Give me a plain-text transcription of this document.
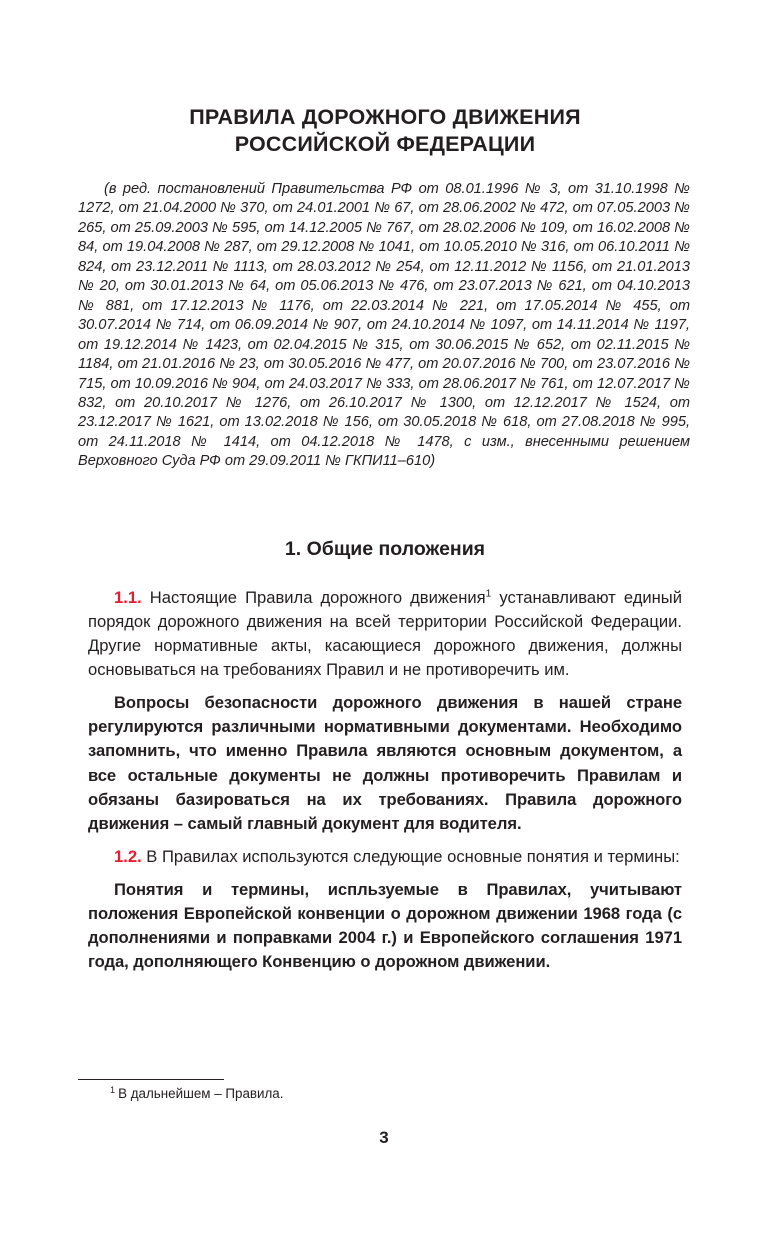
ПРАВИЛА ДОРОЖНОГО ДВИЖЕНИЯ
РОССИЙСКОЙ ФЕДЕРАЦИИ
(в ред. постановлений Правительства РФ от 08.01.1996 № 3, от 31.10.1998 № 1272, от 21.04.2000 № 370, от 24.01.2001 № 67, от 28.06.2002 № 472, от 07.05.2003 № 265, от 25.09.2003 № 595, от 14.12.2005 № 767, от 28.02.2006 № 109, от 16.02.2008 № 84, от 19.04.2008 № 287, от 29.12.2008 № 1041, от 10.05.2010 № 316, от 06.10.2011 № 824, от 23.12.2011 № 1113, от 28.03.2012 № 254, от 12.11.2012 № 1156, от 21.01.2013 № 20, от 30.01.2013 № 64, от 05.06.2013 № 476, от 23.07.2013 № 621, от 04.10.2013 № 881, от 17.12.2013 № 1176, от 22.03.2014 № 221, от 17.05.2014 № 455, от 30.07.2014 № 714, от 06.09.2014 № 907, от 24.10.2014 № 1097, от 14.11.2014 № 1197, от 19.12.2014 № 1423, от 02.04.2015 № 315, от 30.06.2015 № 652, от 02.11.2015 № 1184, от 21.01.2016 № 23, от 30.05.2016 № 477, от 20.07.2016 № 700, от 23.07.2016 № 715, от 10.09.2016 № 904, от 24.03.2017 № 333, от 28.06.2017 № 761, от 12.07.2017 № 832, от 20.10.2017 № 1276, от 26.10.2017 № 1300, от 12.12.2017 № 1524, от 23.12.2017 № 1621, от 13.02.2018 № 156, от 30.05.2018 № 618, от 27.08.2018 № 995, от 24.11.2018 № 1414, от 04.12.2018 № 1478, с изм., внесенными решением Верховного Суда РФ от 29.09.2011 № ГКПИ11–610)
1. Общие положения

1.1. Настоящие Правила дорожного движения$^1$ устанавливают единый порядок дорожного движения на всей территории Российской Федерации. Другие нормативные акты, касающиеся дорожного движения, должны основываться на требованиях Правил и не противоречить им.

Вопросы безопасности дорожного движения в нашей стране регулируются различными нормативными документами. Необходимо запомнить, что именно Правила являются основным документом, а все остальные документы не должны противоречить Правилам и обязаны базироваться на их требованиях. Правила дорожного движения – самый главный документ для водителя.

1.2. В Правилах используются следующие основные понятия и термины:

Понятия и термины, испльзуемые в Правилах, учитывают положения Европейской конвенции о дорожном движении 1968 года (с дополнениями и поправками 2004 г.) и Европейского соглашения 1971 года, дополняющего Конвенцию о дорожном движении.

$^1$ В дальнейшем – Правила.

3
